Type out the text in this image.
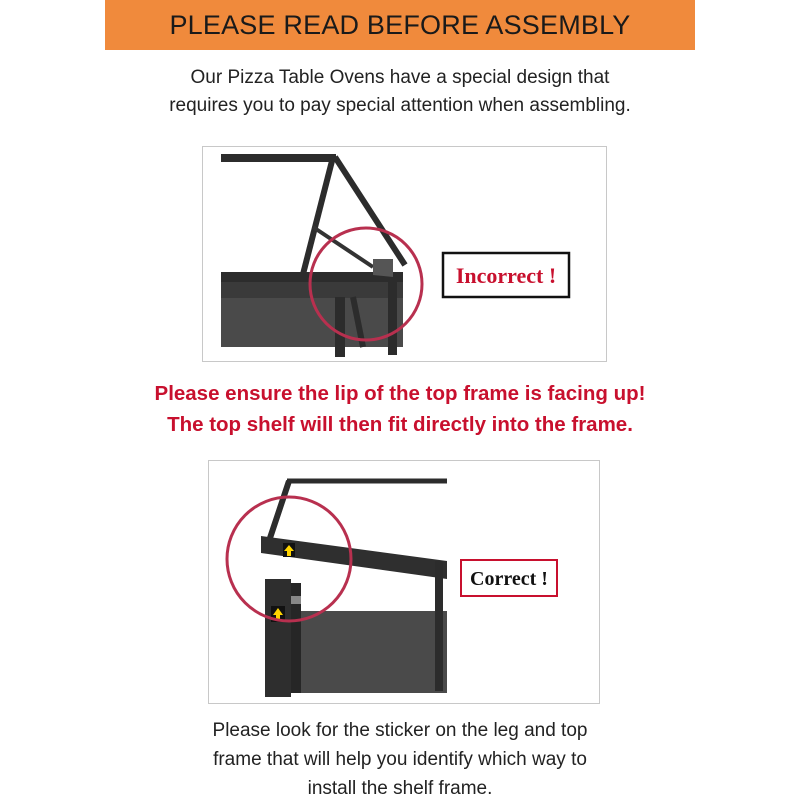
PLEASE READ BEFORE ASSEMBLY
Our Pizza Table Ovens have a special design that
requires you to pay special attention when assembling.
Incorrect !
Please ensure the lip of the top frame is facing up!
The top shelf will then fit directly into the frame.
Correct !
Please look for the sticker on the leg and top
frame that will help you identify which way to
install the shelf frame.
